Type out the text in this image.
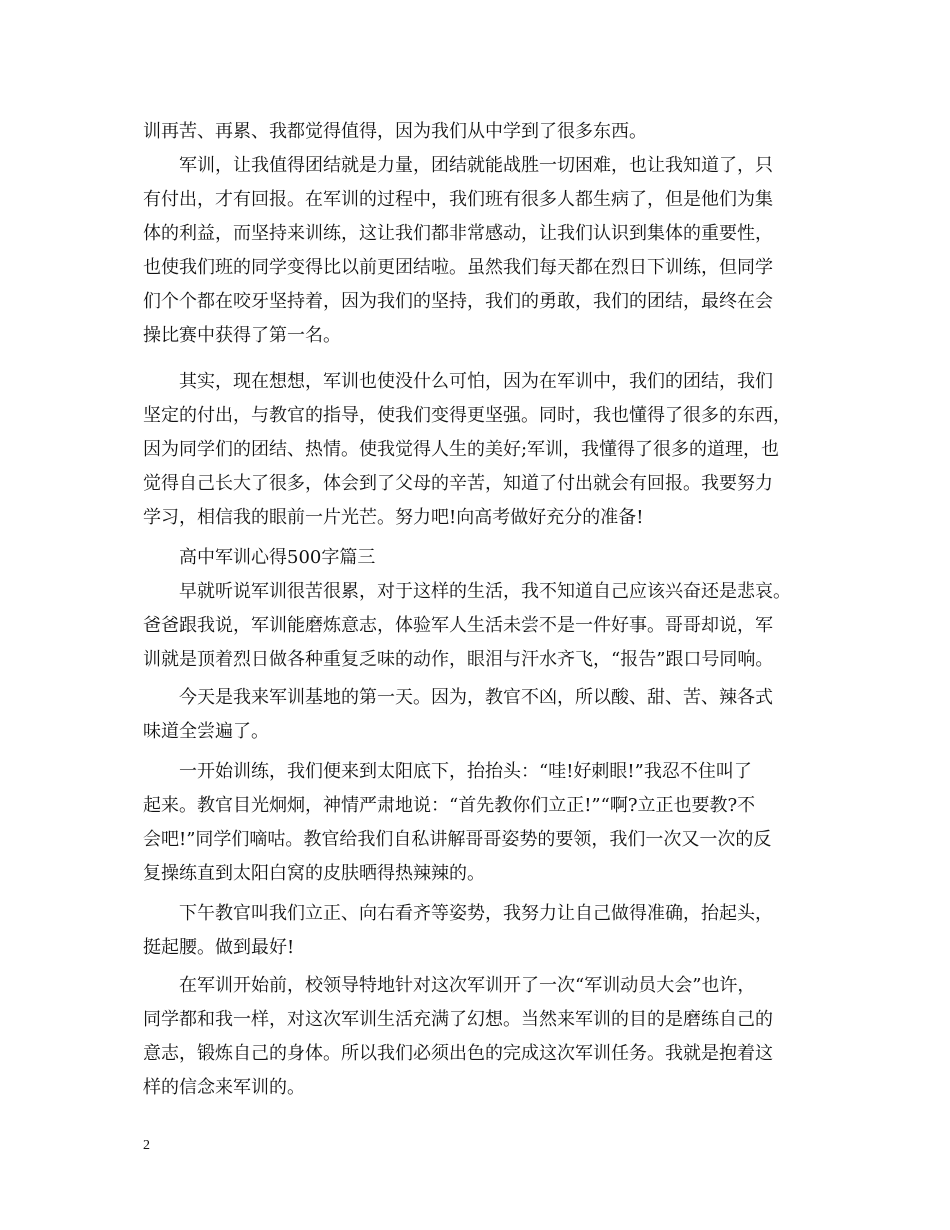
训再苦、再累、我都觉得值得，因为我们从中学到了很多东西。
军训，让我值得团结就是力量，团结就能战胜一切困难，也让我知道了，只
有付出，才有回报。在军训的过程中，我们班有很多人都生病了，但是他们为集
体的利益，而坚持来训练，这让我们都非常感动，让我们认识到集体的重要性，
也使我们班的同学变得比以前更团结啦。虽然我们每天都在烈日下训练，但同学
们个个都在咬牙坚持着，因为我们的坚持，我们的勇敢，我们的团结，最终在会
操比赛中获得了第一名。
其实，现在想想，军训也使没什么可怕，因为在军训中，我们的团结，我们
坚定的付出，与教官的指导，使我们变得更坚强。同时，我也懂得了很多的东西，
因为同学们的团结、热情。使我觉得人生的美好;军训，我懂得了很多的道理，也
觉得自己长大了很多，体会到了父母的辛苦，知道了付出就会有回报。我要努力
学习，相信我的眼前一片光芒。努力吧!向高考做好充分的准备!
高中军训心得500字篇三
早就听说军训很苦很累，对于这样的生活，我不知道自己应该兴奋还是悲哀。
爸爸跟我说，军训能磨炼意志，体验军人生活未尝不是一件好事。哥哥却说，军
训就是顶着烈日做各种重复乏味的动作，眼泪与汗水齐飞，“报告”跟口号同响。
今天是我来军训基地的第一天。因为，教官不凶，所以酸、甜、苦、辣各式
味道全尝遍了。
一开始训练，我们便来到太阳底下，抬抬头：“哇!好刺眼!”我忍不住叫了
起来。教官目光炯炯，神情严肃地说：“首先教你们立正!”“啊?立正也要教?不
会吧!”同学们嘀咕。教官给我们自私讲解哥哥姿势的要领，我们一次又一次的反
复操练直到太阳白窝的皮肤晒得热辣辣的。
下午教官叫我们立正、向右看齐等姿势，我努力让自己做得准确，抬起头，
挺起腰。做到最好!
在军训开始前，校领导特地针对这次军训开了一次“军训动员大会”也许，
同学都和我一样，对这次军训生活充满了幻想。当然来军训的目的是磨练自己的
意志，锻炼自己的身体。所以我们必须出色的完成这次军训任务。我就是抱着这
样的信念来军训的。
2
